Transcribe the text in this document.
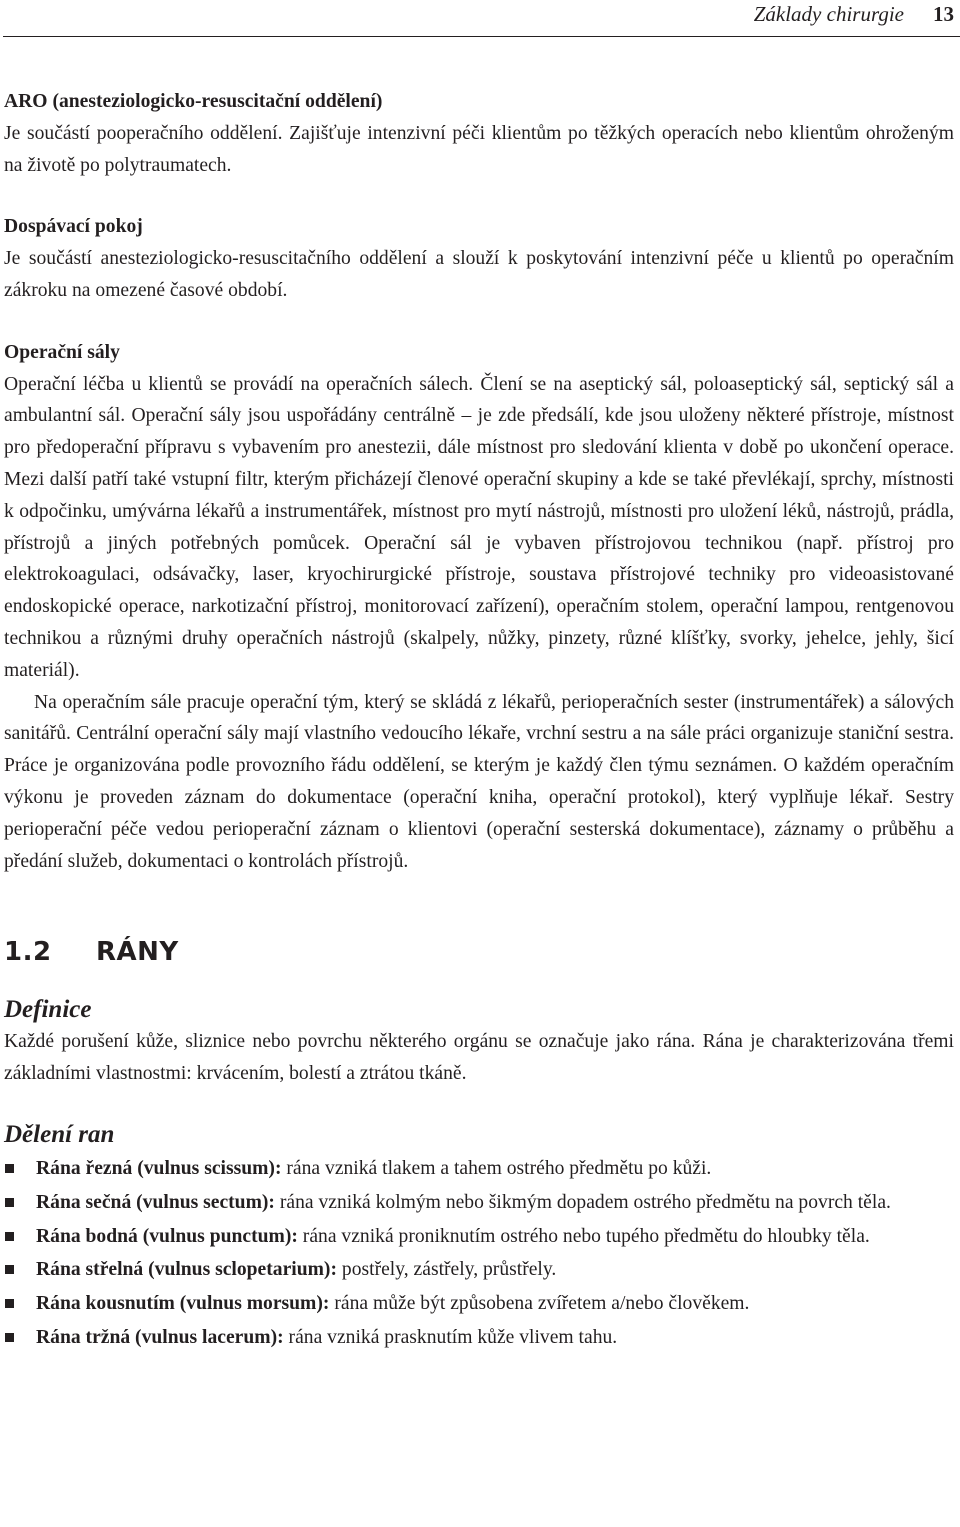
Základy chirurgie 13

ARO (anesteziologicko-resuscitační oddělení)

Je součástí pooperačního oddělení. Zajišťuje intenzivní péči klientům po těžkých operacích nebo klientům ohroženým na životě po polytraumatech.

Dospávací pokoj

Je součástí anesteziologicko-resuscitačního oddělení a slouží k poskytování intenzivní péče u klientů po operačním zákroku na omezené časové období.

Operační sály

Operační léčba u klientů se provádí na operačních sálech. Člení se na aseptický sál, poloaseptický sál, septický sál a ambulantní sál. Operační sály jsou uspořádány centrálně – je zde předsálí, kde jsou uloženy některé přístroje, místnost pro předoperační přípravu s vybavením pro anestezii, dále místnost pro sledování klienta v době po ukončení operace. Mezi další patří také vstupní filtr, kterým přicházejí členové operační skupiny a kde se také převlékají, sprchy, místnosti k odpočinku, umývárna lékařů a instrumentářek, místnost pro mytí nástrojů, místnosti pro uložení léků, nástrojů, prádla, přístrojů a jiných potřebných pomůcek. Operační sál je vybaven přístrojovou technikou (např. přístroj pro elektrokoagulaci, odsávačky, laser, kryochirurgické přístroje, soustava přístrojové techniky pro videoasistované endoskopické operace, narkotizační přístroj, monitorovací zařízení), operačním stolem, operační lampou, rentgenovou technikou a různými druhy operačních nástrojů (skalpely, nůžky, pinzety, různé klíšťky, svorky, jehelce, jehly, šicí materiál).

Na operačním sále pracuje operační tým, který se skládá z lékařů, perioperačních sester (instrumentářek) a sálových sanitářů. Centrální operační sály mají vlastního vedoucího lékaře, vrchní sestru a na sále práci organizuje staniční sestra. Práce je organizována podle provozního řádu oddělení, se kterým je každý člen týmu seznámen. O každém operačním výkonu je proveden záznam do dokumentace (operační kniha, operační protokol), který vyplňuje lékař. Sestry perioperační péče vedou perioperační záznam o klientovi (operační sesterská dokumentace), záznamy o průběhu a předání služeb, dokumentaci o kontrolách přístrojů.

1.2 RÁNY
Definice

Každé porušení kůže, sliznice nebo povrchu některého orgánu se označuje jako rána. Rána je charakterizována třemi základními vlastnostmi: krvácením, bolestí a ztrátou tkáně.

Dělení ran
Rána řezná (vulnus scissum): rána vzniká tlakem a tahem ostrého předmětu po kůži.
Rána sečná (vulnus sectum): rána vzniká kolmým nebo šikmým dopadem ostrého předmětu na povrch těla.
Rána bodná (vulnus punctum): rána vzniká proniknutím ostrého nebo tupého předmětu do hloubky těla.
Rána střelná (vulnus sclopetarium): postřely, zástřely, průstřely.
Rána kousnutím (vulnus morsum): rána může být způsobena zvířetem a/nebo člověkem.
Rána tržná (vulnus lacerum): rána vzniká prasknutím kůže vlivem tahu.
